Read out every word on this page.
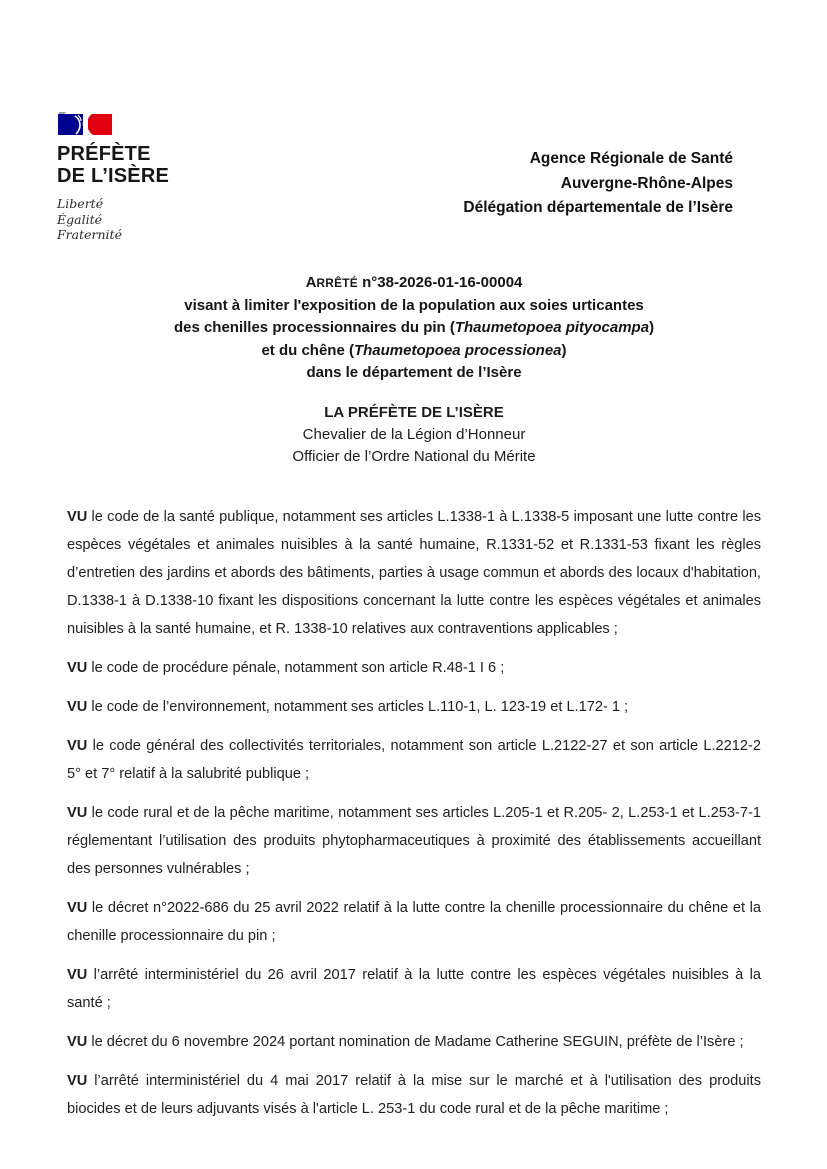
PRÉFÈTE
DE L’ISÈRE
Liberté
Égalité
Fraternité
Agence Régionale de Santé
Auvergne-Rhône-Alpes
Délégation départementale de l’Isère
ARRÊTÉ n°38-2026-01-16-00004
visant à limiter l'exposition de la population aux soies urticantes
des chenilles processionnaires du pin (Thaumetopoea pityocampa)
et du chêne (Thaumetopoea processionea)
dans le département de l’Isère
LA PRÉFÈTE DE L’ISÈRE
Chevalier de la Légion d’Honneur
Officier de l’Ordre National du Mérite

VU le code de la santé publique, notamment ses articles L.1338-1 à L.1338-5 imposant une lutte contre les espèces végétales et animales nuisibles à la santé humaine, R.1331-52 et R.1331-53 fixant les règles d’entretien des jardins et abords des bâtiments, parties à usage commun et abords des locaux d'habitation, D.1338-1 à D.1338-10 fixant les dispositions concernant la lutte contre les espèces végétales et animales nuisibles à la santé humaine, et R. 1338-10 relatives aux contraventions applicables ;

VU le code de procédure pénale, notamment son article R.48-1 I 6 ;

VU le code de l’environnement, notamment ses articles L.110-1, L. 123-19 et L.172- 1 ;

VU le code général des collectivités territoriales, notamment son article L.2122-27 et son article L.2212-2 5° et 7° relatif à la salubrité publique ;

VU le code rural et de la pêche maritime, notamment ses articles L.205-1 et R.205- 2, L.253-1 et L.253-7-1 réglementant l’utilisation des produits phytopharmaceutiques à proximité des établissements accueillant des personnes vulnérables ;

VU le décret n°2022-686 du 25 avril 2022 relatif à la lutte contre la chenille processionnaire du chêne et la chenille processionnaire du pin ;

VU l’arrêté interministériel du 26 avril 2017 relatif à la lutte contre les espèces végétales nuisibles à la santé ;

VU le décret du 6 novembre 2024 portant nomination de Madame Catherine SEGUIN, préfète de l’Isère ;

VU l’arrêté interministériel du 4 mai 2017 relatif à la mise sur le marché et à l'utilisation des produits biocides et de leurs adjuvants visés à l'article L. 253-1 du code rural et de la pêche maritime ;
